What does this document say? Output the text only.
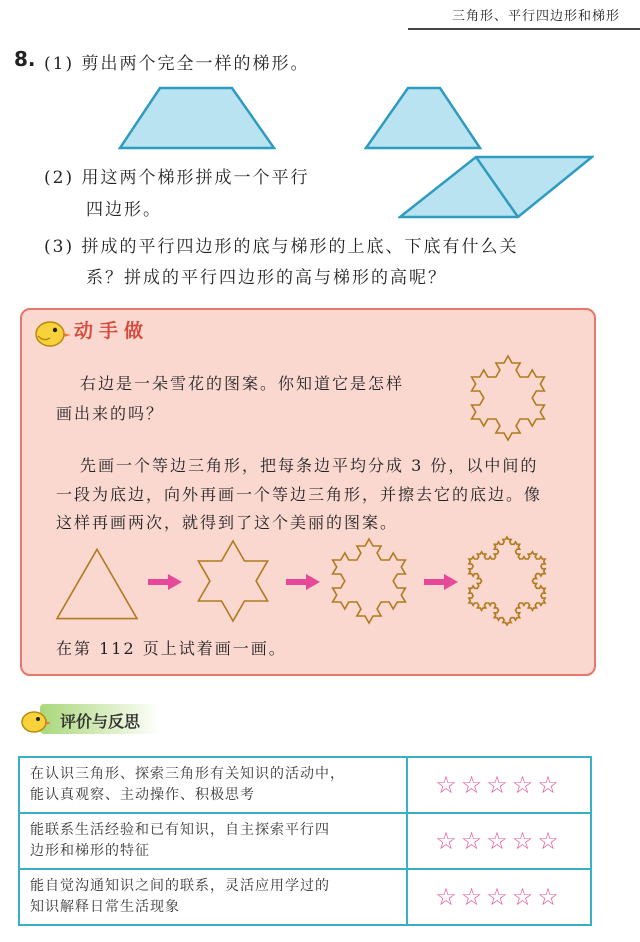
三角形、平行四边形和梯形
8. (1) 剪出两个完全一样的梯形。
(2) 用这两个梯形拼成一个平行
四边形。
(3) 拼成的平行四边形的底与梯形的上底、下底有什么关
系？拼成的平行四边形的高与梯形的高呢？
动手做
右边是一朵雪花的图案。你知道它是怎样
画出来的吗？
先画一个等边三角形，把每条边平均分成 3 份，以中间的
一段为底边，向外再画一个等边三角形，并擦去它的底边。像
这样再画两次，就得到了这个美丽的图案。
在第 112 页上试着画一画。
评价与反思
在认识三角形、探索三角形有关知识的活动中，
能认真观察、主动操作、积极思考	☆☆☆☆☆

能联系生活经验和已有知识，自主探索平行四
边形和梯形的特征	☆☆☆☆☆

能自觉沟通知识之间的联系，灵活应用学过的
知识解释日常生活现象	☆☆☆☆☆
